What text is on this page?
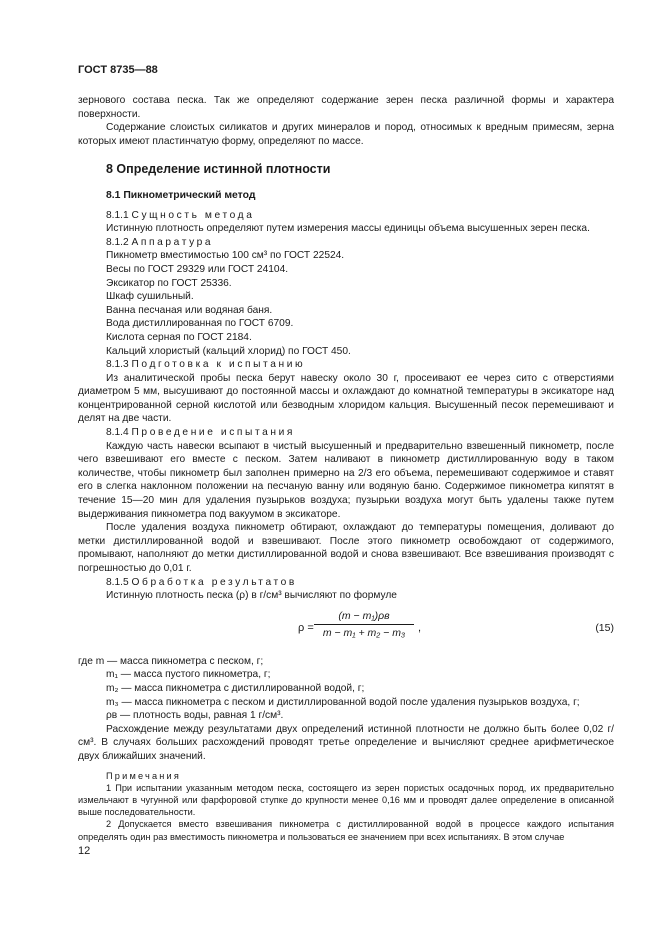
ГОСТ 8735—88

зернового состава песка. Так же определяют содержание зерен песка различной формы и характера поверхности.

Содержание слоистых силикатов и других минералов и пород, относимых к вредным примесям, зерна которых имеют пластинчатую форму, определяют по массе.

8 Определение истинной плотности
8.1 Пикнометрический метод

8.1.1 Сущность метода

Истинную плотность определяют путем измерения массы единицы объема высушенных зерен песка.

8.1.2 Аппаратура

Пикнометр вместимостью 100 см³ по ГОСТ 22524.

Весы по ГОСТ 29329 или ГОСТ 24104.

Эксикатор по ГОСТ 25336.

Шкаф сушильный.

Ванна песчаная или водяная баня.

Вода дистиллированная по ГОСТ 6709.

Кислота серная по ГОСТ 2184.

Кальций хлористый (кальций хлорид) по ГОСТ 450.

8.1.3 Подготовка к испытанию

Из аналитической пробы песка берут навеску около 30 г, просеивают ее через сито с отверстиями диаметром 5 мм, высушивают до постоянной массы и охлаждают до комнатной температуры в эксикаторе над концентрированной серной кислотой или безводным хлоридом кальция. Высушенный песок перемешивают и делят на две части.

8.1.4 Проведение испытания

Каждую часть навески всыпают в чистый высушенный и предварительно взвешенный пикнометр, после чего взвешивают его вместе с песком. Затем наливают в пикнометр дистиллированную воду в таком количестве, чтобы пикнометр был заполнен примерно на 2/3 его объема, перемешивают содержимое и ставят его в слегка наклонном положении на песчаную ванну или водяную баню. Содержимое пикнометра кипятят в течение 15—20 мин для удаления пузырьков воздуха; пузырьки воздуха могут быть удалены также путем выдерживания пикнометра под вакуумом в эксикаторе.

После удаления воздуха пикнометр обтирают, охлаждают до температуры помещения, доливают до метки дистиллированной водой и взвешивают. После этого пикнометр освобождают от содержимого, промывают, наполняют до метки дистиллированной водой и снова взвешивают. Все взвешивания производят с погрешностью до 0,01 г.

8.1.5 Обработка результатов

Истинную плотность песка (ρ) в г/см³ вычисляют по формуле

ρ =
(m − m₁)ρв
m − m₁ + m₂ − m₃	,	(15)

где m — масса пикнометра с песком, г;

m₁ — масса пустого пикнометра, г;

m₂ — масса пикнометра с дистиллированной водой, г;

m₃ — масса пикнометра с песком и дистиллированной водой после удаления пузырьков воздуха, г;

ρв — плотность воды, равная 1 г/см³.

Расхождение между результатами двух определений истинной плотности не должно быть более 0,02 г/см³. В случаях больших расхождений проводят третье определение и вычисляют среднее арифметическое двух ближайших значений.

Примечания

1 При испытании указанным методом песка, состоящего из зерен пористых осадочных пород, их предварительно измельчают в чугунной или фарфоровой ступке до крупности менее 0,16 мм и проводят далее определение в описанной выше последовательности.

2 Допускается вместо взвешивания пикнометра с дистиллированной водой в процессе каждого испытания определять один раз вместимость пикнометра и пользоваться ее значением при всех испытаниях. В этом случае

12
